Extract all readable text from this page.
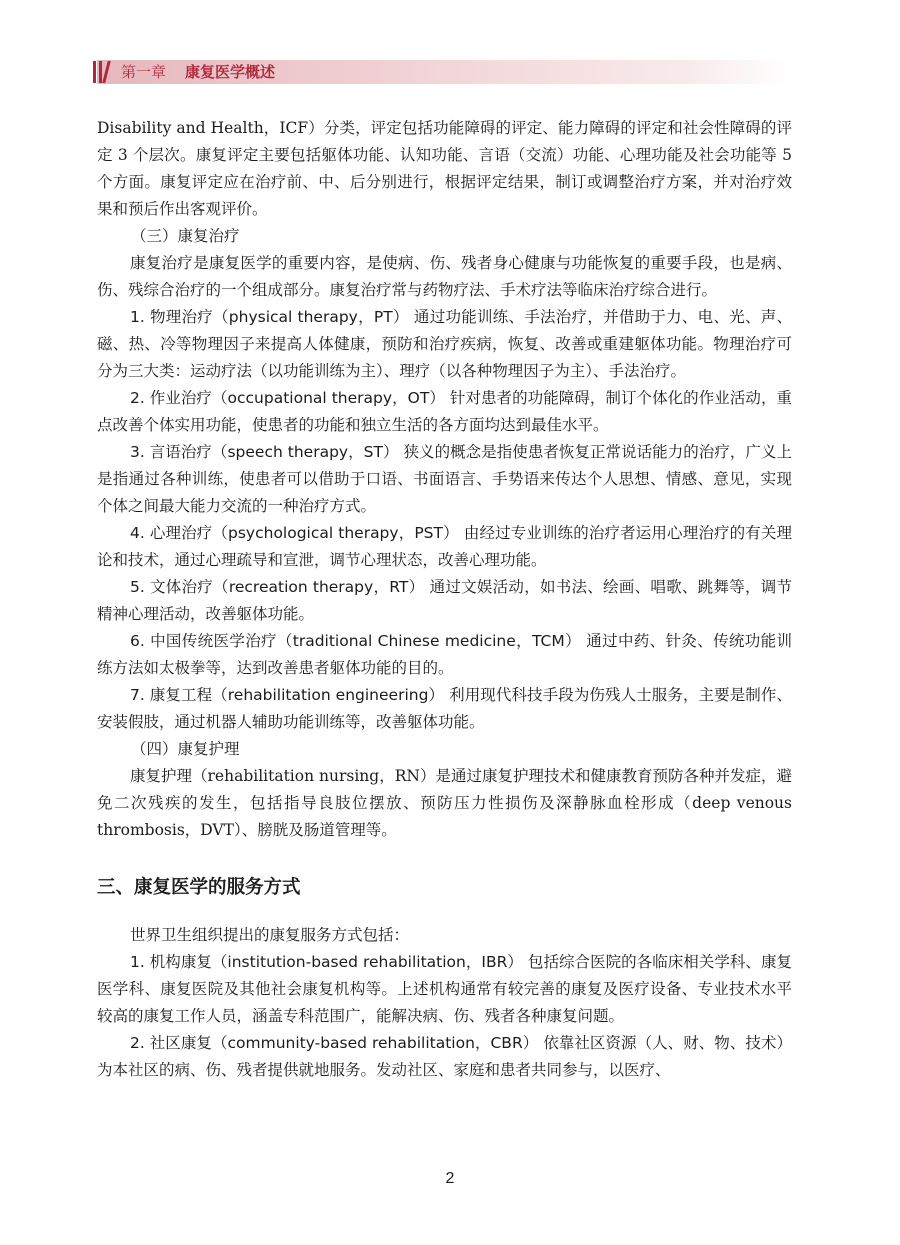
第一章 康复医学概述

Disability and Health，ICF）分类，评定包括功能障碍的评定、能力障碍的评定和社会性障碍的评定 3 个层次。康复评定主要包括躯体功能、认知功能、言语（交流）功能、心理功能及社会功能等 5 个方面。康复评定应在治疗前、中、后分别进行，根据评定结果，制订或调整治疗方案，并对治疗效果和预后作出客观评价。

（三）康复治疗

康复治疗是康复医学的重要内容，是使病、伤、残者身心健康与功能恢复的重要手段，也是病、伤、残综合治疗的一个组成部分。康复治疗常与药物疗法、手术疗法等临床治疗综合进行。

1. 物理治疗（physical therapy，PT） 通过功能训练、手法治疗，并借助于力、电、光、声、磁、热、冷等物理因子来提高人体健康，预防和治疗疾病，恢复、改善或重建躯体功能。物理治疗可分为三大类：运动疗法（以功能训练为主）、理疗（以各种物理因子为主）、手法治疗。

2. 作业治疗（occupational therapy，OT） 针对患者的功能障碍，制订个体化的作业活动，重点改善个体实用功能，使患者的功能和独立生活的各方面均达到最佳水平。

3. 言语治疗（speech therapy，ST） 狭义的概念是指使患者恢复正常说话能力的治疗，广义上是指通过各种训练，使患者可以借助于口语、书面语言、手势语来传达个人思想、情感、意见，实现个体之间最大能力交流的一种治疗方式。

4. 心理治疗（psychological therapy，PST） 由经过专业训练的治疗者运用心理治疗的有关理论和技术，通过心理疏导和宣泄，调节心理状态，改善心理功能。

5. 文体治疗（recreation therapy，RT） 通过文娱活动，如书法、绘画、唱歌、跳舞等，调节精神心理活动，改善躯体功能。

6. 中国传统医学治疗（traditional Chinese medicine，TCM） 通过中药、针灸、传统功能训练方法如太极拳等，达到改善患者躯体功能的目的。

7. 康复工程（rehabilitation engineering） 利用现代科技手段为伤残人士服务，主要是制作、安装假肢，通过机器人辅助功能训练等，改善躯体功能。

（四）康复护理

康复护理（rehabilitation nursing，RN）是通过康复护理技术和健康教育预防各种并发症，避免二次残疾的发生，包括指导良肢位摆放、预防压力性损伤及深静脉血栓形成（deep venous thrombosis，DVT）、膀胱及肠道管理等。

三、康复医学的服务方式

世界卫生组织提出的康复服务方式包括：

1. 机构康复（institution-based rehabilitation，IBR） 包括综合医院的各临床相关学科、康复医学科、康复医院及其他社会康复机构等。上述机构通常有较完善的康复及医疗设备、专业技术水平较高的康复工作人员，涵盖专科范围广，能解决病、伤、残者各种康复问题。

2. 社区康复（community-based rehabilitation，CBR） 依靠社区资源（人、财、物、技术）为本社区的病、伤、残者提供就地服务。发动社区、家庭和患者共同参与，以医疗、

2
